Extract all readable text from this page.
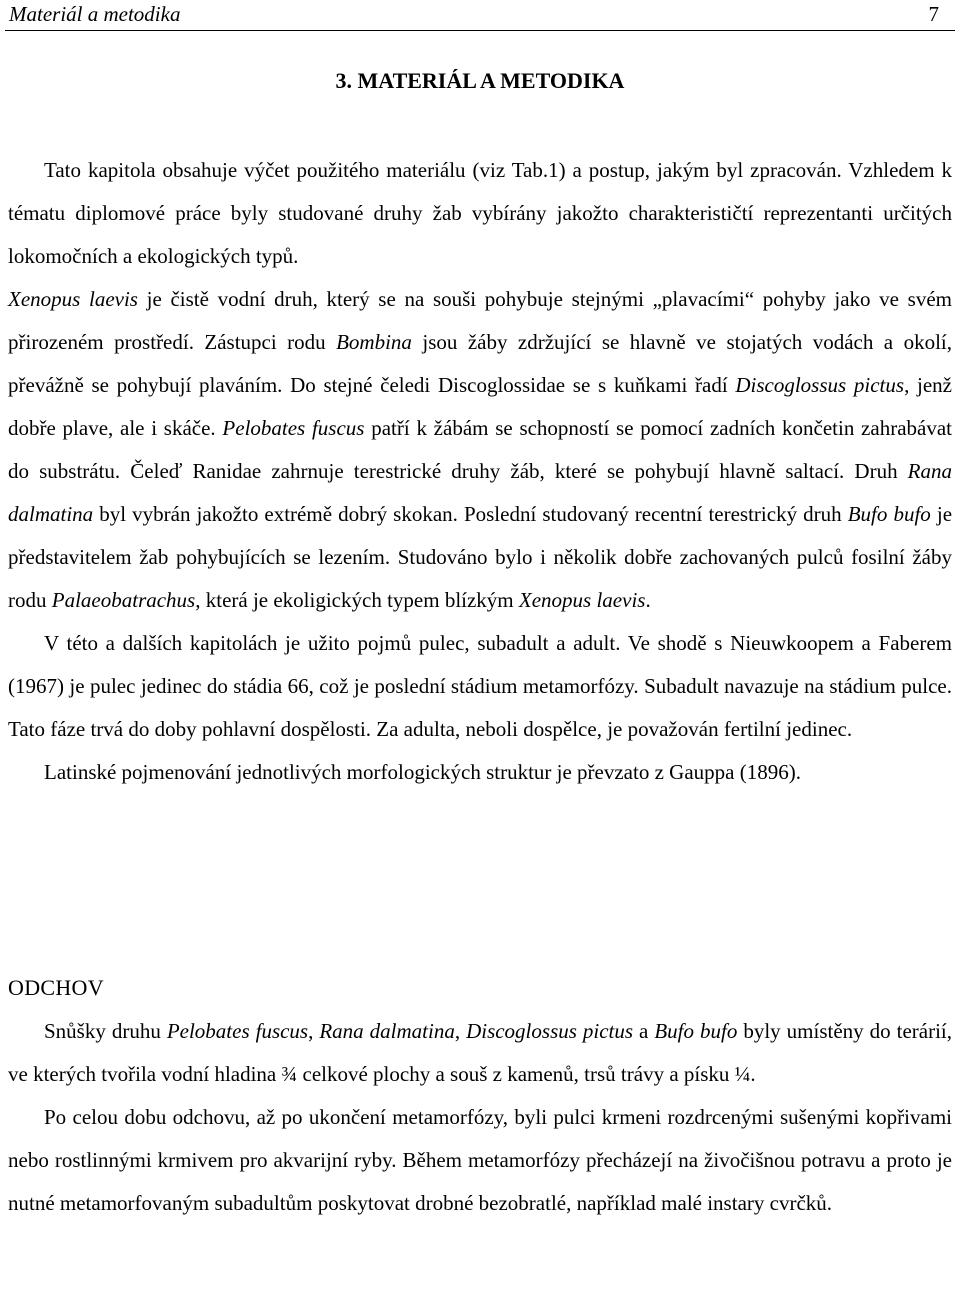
Materiál a metodika	7
3. MATERIÁL A METODIKA

Tato kapitola obsahuje výčet použitého materiálu (viz Tab.1) a postup, jakým byl zpracován. Vzhledem k tématu diplomové práce byly studované druhy žab vybírány jakožto charakterističtí reprezentanti určitých lokomočních a ekologických typů.

Xenopus laevis je čistě vodní druh, který se na souši pohybuje stejnými „plavacími“ pohyby jako ve svém přirozeném prostředí. Zástupci rodu Bombina jsou žáby zdržující se hlavně ve stojatých vodách a okolí, převážně se pohybují plaváním. Do stejné čeledi Discoglossidae se s kuňkami řadí Discoglossus pictus, jenž dobře plave, ale i skáče. Pelobates fuscus patří k žábám se schopností se pomocí zadních končetin zahrabávat do substrátu. Čeleď Ranidae zahrnuje terestrické druhy žáb, které se pohybují hlavně saltací. Druh Rana dalmatina byl vybrán jakožto extrémě dobrý skokan. Poslední studovaný recentní terestrický druh Bufo bufo je představitelem žab pohybujících se lezením. Studováno bylo i několik dobře zachovaných pulců fosilní žáby rodu Palaeobatrachus, která je ekoligických typem blízkým Xenopus laevis.

V této a dalších kapitolách je užito pojmů pulec, subadult a adult. Ve shodě s Nieuwkoopem a Faberem (1967) je pulec jedinec do stádia 66, což je poslední stádium metamorfózy. Subadult navazuje na stádium pulce. Tato fáze trvá do doby pohlavní dospělosti. Za adulta, neboli dospělce, je považován fertilní jedinec.

Latinské pojmenování jednotlivých morfologických struktur je převzato z Gauppa (1896).

ODCHOV

Snůšky druhu Pelobates fuscus, Rana dalmatina, Discoglossus pictus a Bufo bufo byly umístěny do terárií, ve kterých tvořila vodní hladina ¾ celkové plochy a souš z kamenů, trsů trávy a písku ¼.

Po celou dobu odchovu, až po ukončení metamorfózy, byli pulci krmeni rozdrcenými sušenými kopřivami nebo rostlinnými krmivem pro akvarijní ryby. Během metamorfózy přecházejí na živočišnou potravu a proto je nutné metamorfovaným subadultům poskytovat drobné bezobratlé, například malé instary cvrčků.
